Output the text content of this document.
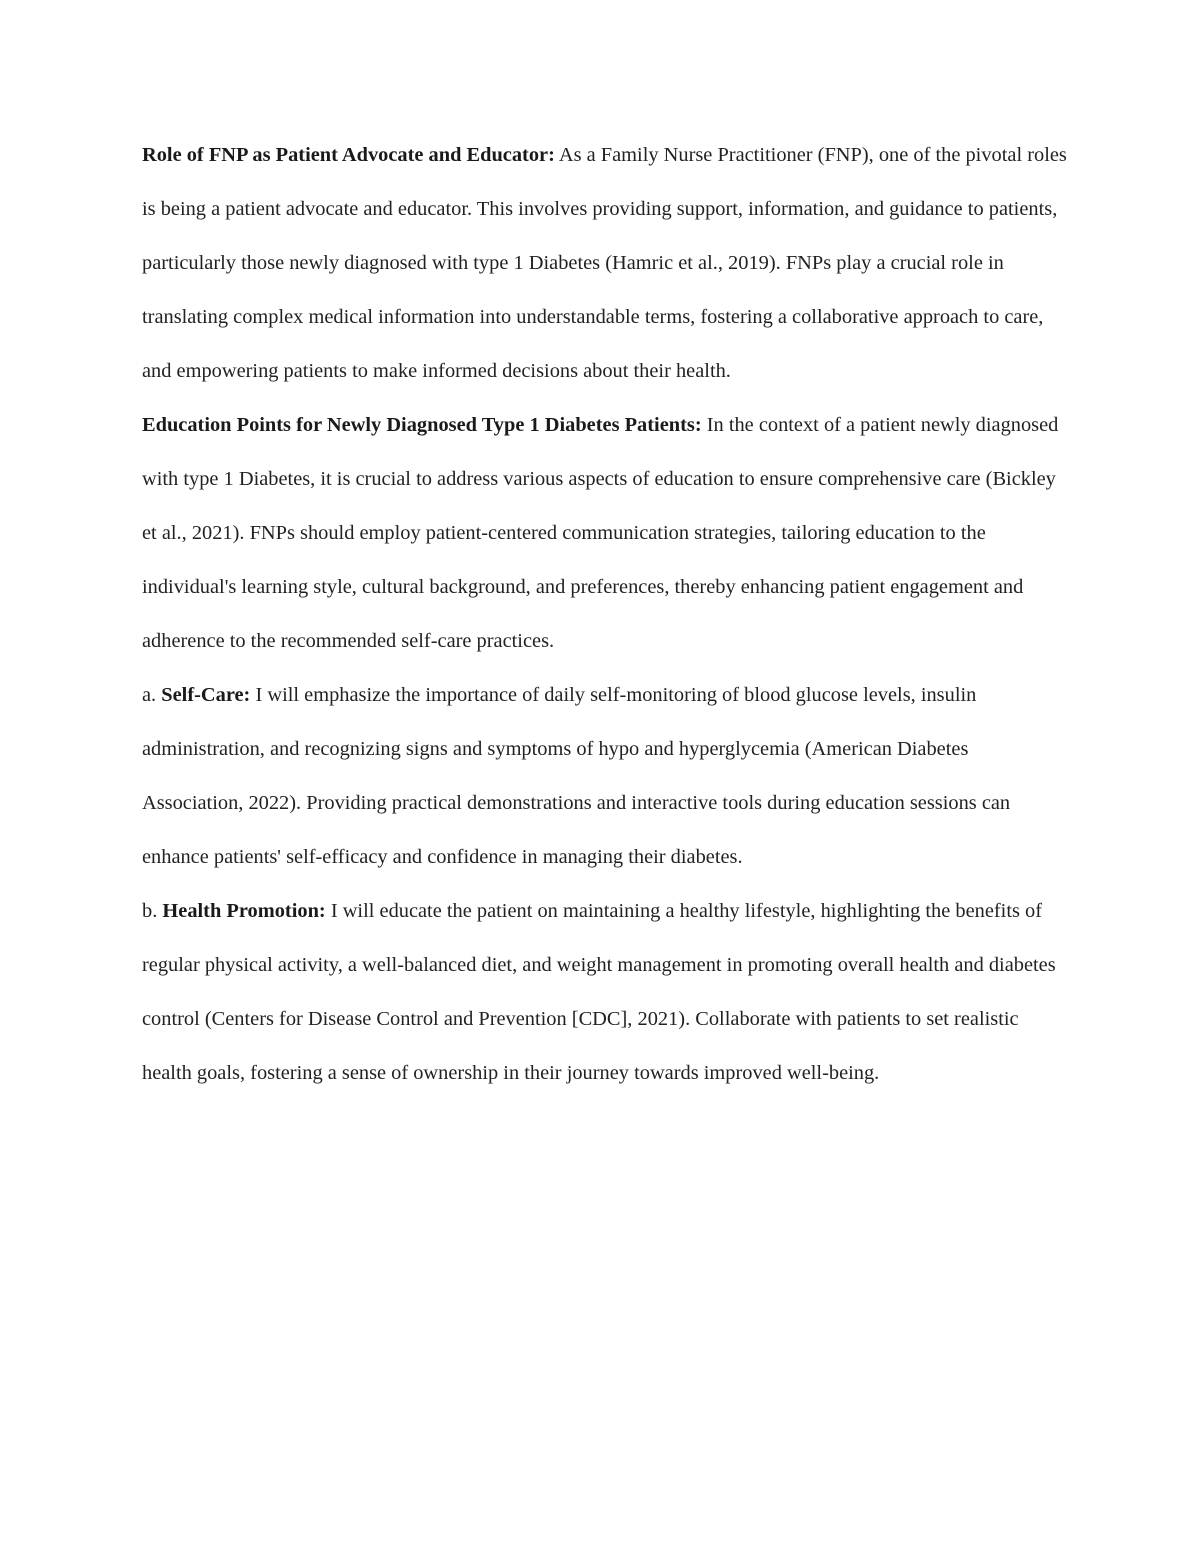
Role of FNP as Patient Advocate and Educator: As a Family Nurse Practitioner (FNP), one of the pivotal roles is being a patient advocate and educator. This involves providing support, information, and guidance to patients, particularly those newly diagnosed with type 1 Diabetes (Hamric et al., 2019). FNPs play a crucial role in translating complex medical information into understandable terms, fostering a collaborative approach to care, and empowering patients to make informed decisions about their health.

Education Points for Newly Diagnosed Type 1 Diabetes Patients: In the context of a patient newly diagnosed with type 1 Diabetes, it is crucial to address various aspects of education to ensure comprehensive care (Bickley et al., 2021). FNPs should employ patient-centered communication strategies, tailoring education to the individual's learning style, cultural background, and preferences, thereby enhancing patient engagement and adherence to the recommended self-care practices.

a. Self-Care: I will emphasize the importance of daily self-monitoring of blood glucose levels, insulin administration, and recognizing signs and symptoms of hypo and hyperglycemia (American Diabetes Association, 2022). Providing practical demonstrations and interactive tools during education sessions can enhance patients' self-efficacy and confidence in managing their diabetes.

b. Health Promotion: I will educate the patient on maintaining a healthy lifestyle, highlighting the benefits of regular physical activity, a well-balanced diet, and weight management in promoting overall health and diabetes control (Centers for Disease Control and Prevention [CDC], 2021). Collaborate with patients to set realistic health goals, fostering a sense of ownership in their journey towards improved well-being.
